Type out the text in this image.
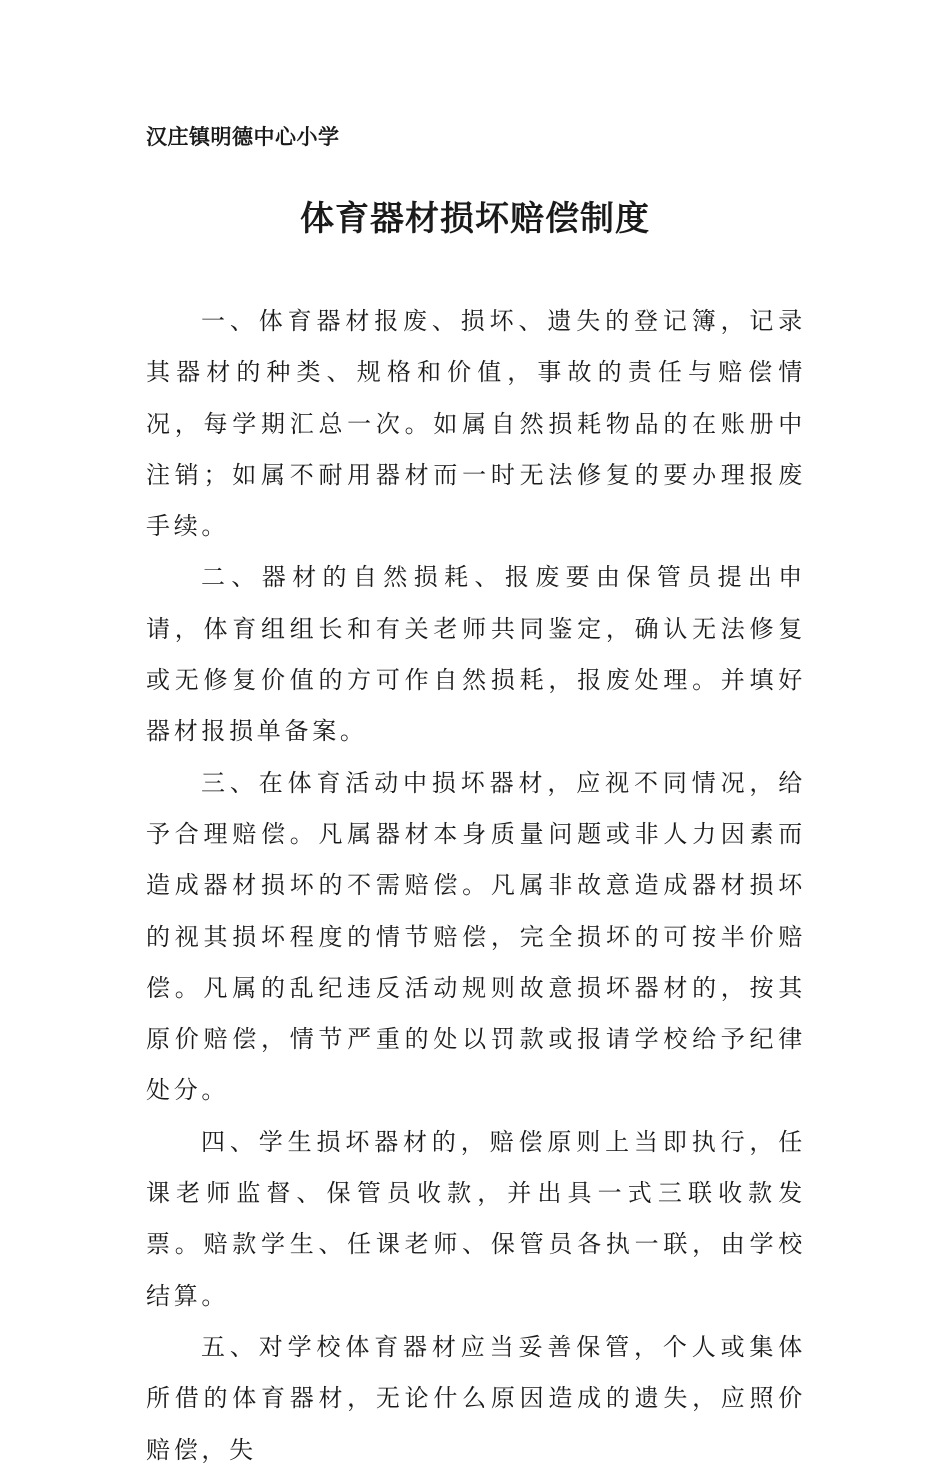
汉庄镇明德中心小学
体育器材损坏赔偿制度

一、体育器材报废、损坏、遗失的登记簿，记录其器材的种类、规格和价值，事故的责任与赔偿情况，每学期汇总一次。如属自然损耗物品的在账册中注销；如属不耐用器材而一时无法修复的要办理报废手续。

二、器材的自然损耗、报废要由保管员提出申请，体育组组长和有关老师共同鉴定，确认无法修复或无修复价值的方可作自然损耗，报废处理。并填好器材报损单备案。

三、在体育活动中损坏器材，应视不同情况，给予合理赔偿。凡属器材本身质量问题或非人力因素而造成器材损坏的不需赔偿。凡属非故意造成器材损坏的视其损坏程度的情节赔偿，完全损坏的可按半价赔偿。凡属的乱纪违反活动规则故意损坏器材的，按其原价赔偿，情节严重的处以罚款或报请学校给予纪律处分。

四、学生损坏器材的，赔偿原则上当即执行，任课老师监督、保管员收款，并出具一式三联收款发票。赔款学生、任课老师、保管员各执一联，由学校结算。

五、对学校体育器材应当妥善保管，个人或集体所借的体育器材，无论什么原因造成的遗失，应照价赔偿，失
